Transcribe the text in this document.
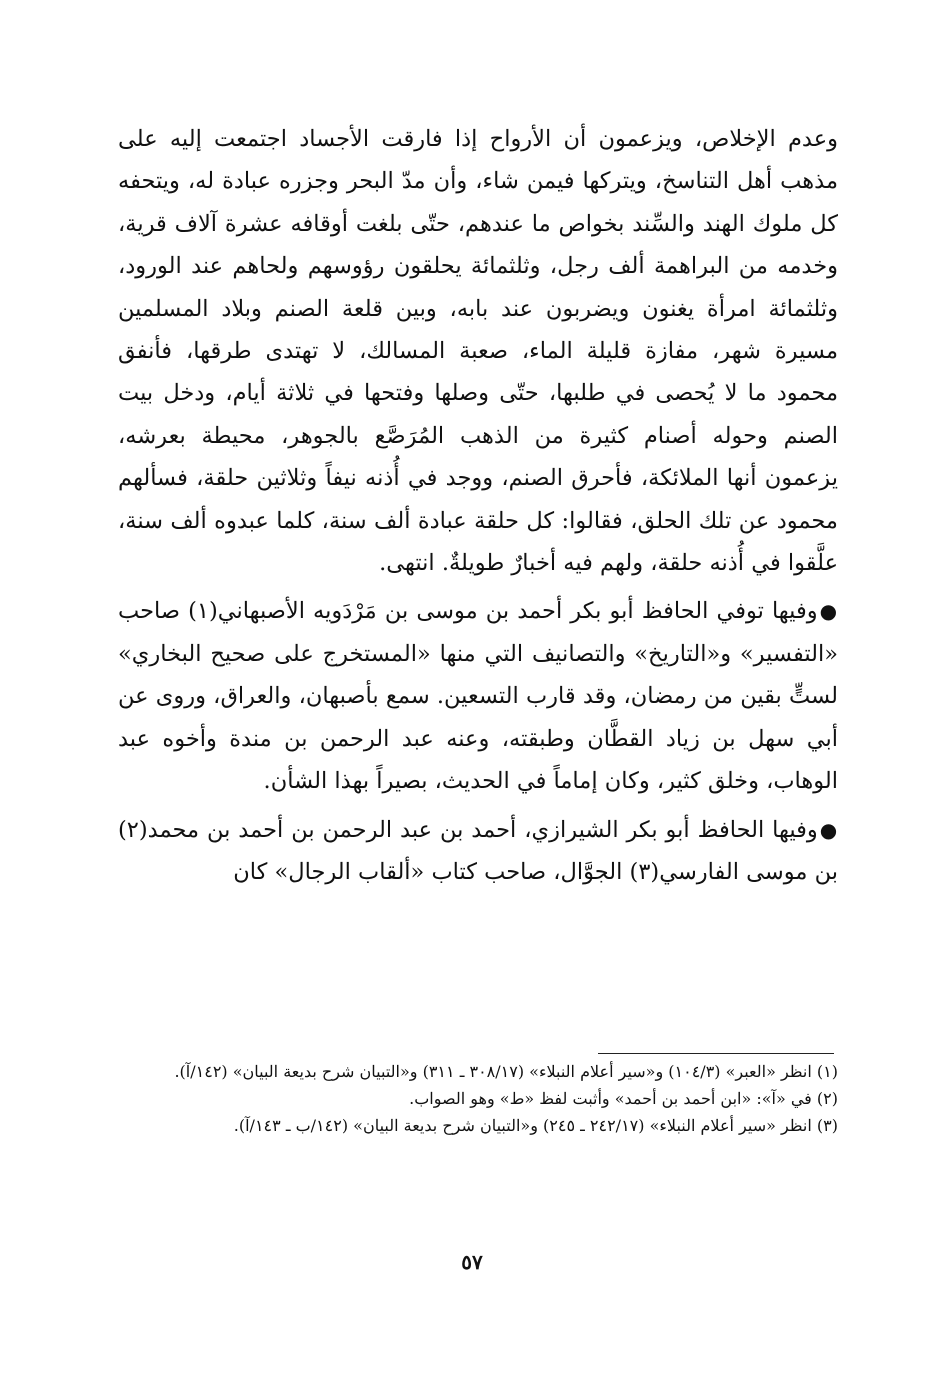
وعدم الإخلاص، ويزعمون أن الأرواح إذا فارقت الأجساد اجتمعت إليه على مذهب أهل التناسخ، ويتركها فيمن شاء، وأن مدّ البحر وجزره عبادة له، ويتحفه كل ملوك الهند والسِّند بخواص ما عندهم، حتّى بلغت أوقافه عشرة آلاف قرية، وخدمه من البراهمة ألف رجل، وثلثمائة يحلقون رؤوسهم ولحاهم عند الورود، وثلثمائة امرأة يغنون ويضربون عند بابه، وبين قلعة الصنم وبلاد المسلمين مسيرة شهر، مفازة قليلة الماء، صعبة المسالك، لا تهتدى طرقها، فأنفق محمود ما لا يُحصى في طلبها، حتّى وصلها وفتحها في ثلاثة أيام، ودخل بيت الصنم وحوله أصنام كثيرة من الذهب المُرَصَّع بالجوهر، محيطة بعرشه، يزعمون أنها الملائكة، فأحرق الصنم، ووجد في أُذنه نيفاً وثلاثين حلقة، فسألهم محمود عن تلك الحلق، فقالوا: كل حلقة عبادة ألف سنة، كلما عبدوه ألف سنة، علَّقوا في أُذنه حلقة، ولهم فيه أخبارٌ طويلةٌ. انتهى.

●وفيها توفي الحافظ أبو بكر أحمد بن موسى بن مَرْدَويه الأصبهاني(١) صاحب «التفسير» و«التاريخ» والتصانيف التي منها «المستخرج على صحيح البخاري» لستٍّ بقين من رمضان، وقد قارب التسعين. سمع بأصبهان، والعراق، وروى عن أبي سهل بن زياد القطَّان وطبقته، وعنه عبد الرحمن بن مندة وأخوه عبد الوهاب، وخلق كثير، وكان إماماً في الحديث، بصيراً بهذا الشأن.

●وفيها الحافظ أبو بكر الشيرازي، أحمد بن عبد الرحمن بن أحمد بن محمد(٢) بن موسى الفارسي(٣) الجوَّال، صاحب كتاب «ألقاب الرجال» كان

(١) انظر «العبر» (١٠٤/٣) و«سير أعلام النبلاء» (٣٠٨/١٧ ـ ٣١١) و«التبيان شرح بديعة البيان» (١٤٢/آ).

(٢) في «آ»: «ابن أحمد بن أحمد» وأثبت لفظ «ط» وهو الصواب.

(٣) انظر «سير أعلام النبلاء» (٢٤٢/١٧ ـ ٢٤٥) و«التبيان شرح بديعة البيان» (١٤٢/ب ـ ١٤٣/آ).

٥٧
